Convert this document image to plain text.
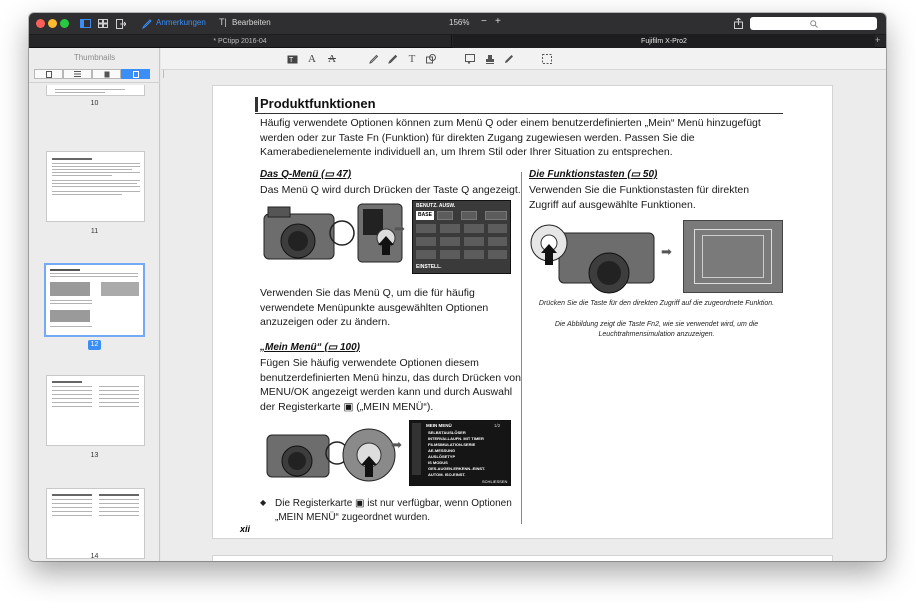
Anmerkungen T| Bearbeiten	156% − +
* PCtipp 2016-04	Fujifilm X-Pro2	+
Thumbnails
10
11
12
13
14
T A A	T
Produktfunktionen
Häufig verwendete Optionen können zum Menü Q oder einem benutzerdefinierten „Mein“ Menü hinzugefügt werden oder zur Taste Fn (Funktion) für direkten Zugang zugewiesen werden. Passen Sie die Kamerabedienelemente individuell an, um Ihrem Stil oder Ihrer Situation zu entsprechen.
Das Q-Menü (▭ 47)
Das Menü Q wird durch Drücken der Taste Q angezeigt.
➡
BENUTZ. AUSW.
BASE
EINSTELL.
Verwenden Sie das Menü Q, um die für häufig verwendete Menüpunkte ausgewählten Optionen anzuzeigen oder zu ändern.
„Mein Menü“ (▭ 100)
Fügen Sie häufig verwendete Optionen diesem benutzerdefinierten Menü hinzu, das durch Drücken von MENU/OK angezeigt werden kann und durch Auswahl der Registerkarte ▣ („MEIN MENÜ“).
➡
MEIN MENÜ	1/2
SELBSTAUSLÖSER
INTERVALLAUFN. MIT TIMER
FILMSIMULATION-SERIE
AE-MESSUNG
AUSLÖSETYP
IS MODUS
GES.AUGEN-ERKENN.-EINST.
AUTOM. ISO-EINST.
SCHLIESSEN
◆ Die Registerkarte ▣ ist nur verfügbar, wenn Optionen „MEIN MENÜ“ zugeordnet wurden.
xii
Die Funktionstasten (▭ 50)
Verwenden Sie die Funktionstasten für direkten Zugriff auf ausgewählte Funktionen.
➡
Drücken Sie die Taste für den direkten Zugriff auf die zugeordnete Funktion.
Die Abbildung zeigt die Taste Fn2, wie sie verwendet wird, um die Leuchtrahmensimulation anzuzeigen.
